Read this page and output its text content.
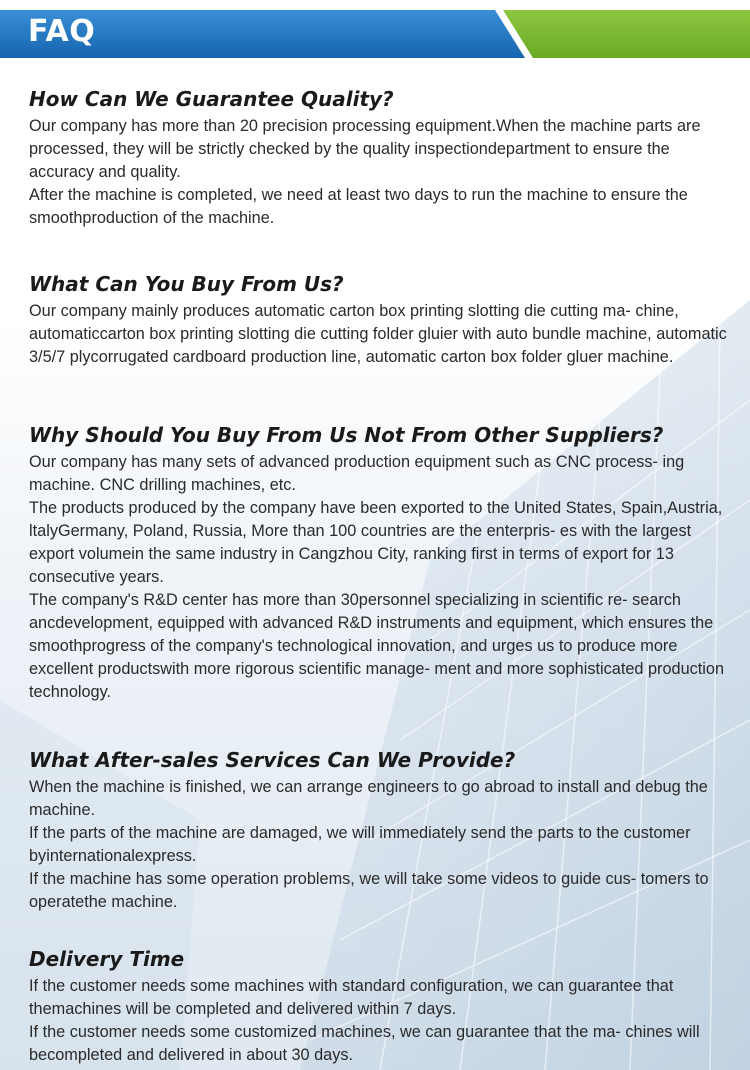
FAQ
How Can We Guarantee Quality?

Our company has more than 20 precision processing equipment.When the machine parts are processed, they will be strictly checked by the quality inspectiondepartment to ensure the accuracy and quality.

After the machine is completed, we need at least two days to run the machine to ensure the smoothproduction of the machine.

What Can You Buy From Us?

Our company mainly produces automatic carton box printing slotting die cutting ma- chine, automaticcarton box printing slotting die cutting folder gluier with auto bundle machine, automatic 3/5/7 plycorrugated cardboard production line, automatic carton box folder gluer machine.

Why Should You Buy From Us Not From Other Suppliers?

Our company has many sets of advanced production equipment such as CNC process- ing machine. CNC drilling machines, etc.

The products produced by the company have been exported to the United States, Spain,Austria, ltalyGermany, Poland, Russia, More than 100 countries are the enterpris- es with the largest export volumein the same industry in Cangzhou City, ranking first in terms of export for 13 consecutive years.

The company's R&D center has more than 30personnel specializing in scientific re- search ancdevelopment, equipped with advanced R&D instruments and equipment, which ensures the smoothprogress of the company's technological innovation, and urges us to produce more excellent productswith more rigorous scientific manage- ment and more sophisticated production technology.

What After-sales Services Can We Provide?

When the machine is finished, we can arrange engineers to go abroad to install and debug the machine.

If the parts of the machine are damaged, we will immediately send the parts to the customer byinternationalexpress.

If the machine has some operation problems, we will take some videos to guide cus- tomers to operatethe machine.

Delivery Time

If the customer needs some machines with standard configuration, we can guarantee that themachines will be completed and delivered within 7 days.

If the customer needs some customized machines, we can guarantee that the ma- chines will becompleted and delivered in about 30 days.
